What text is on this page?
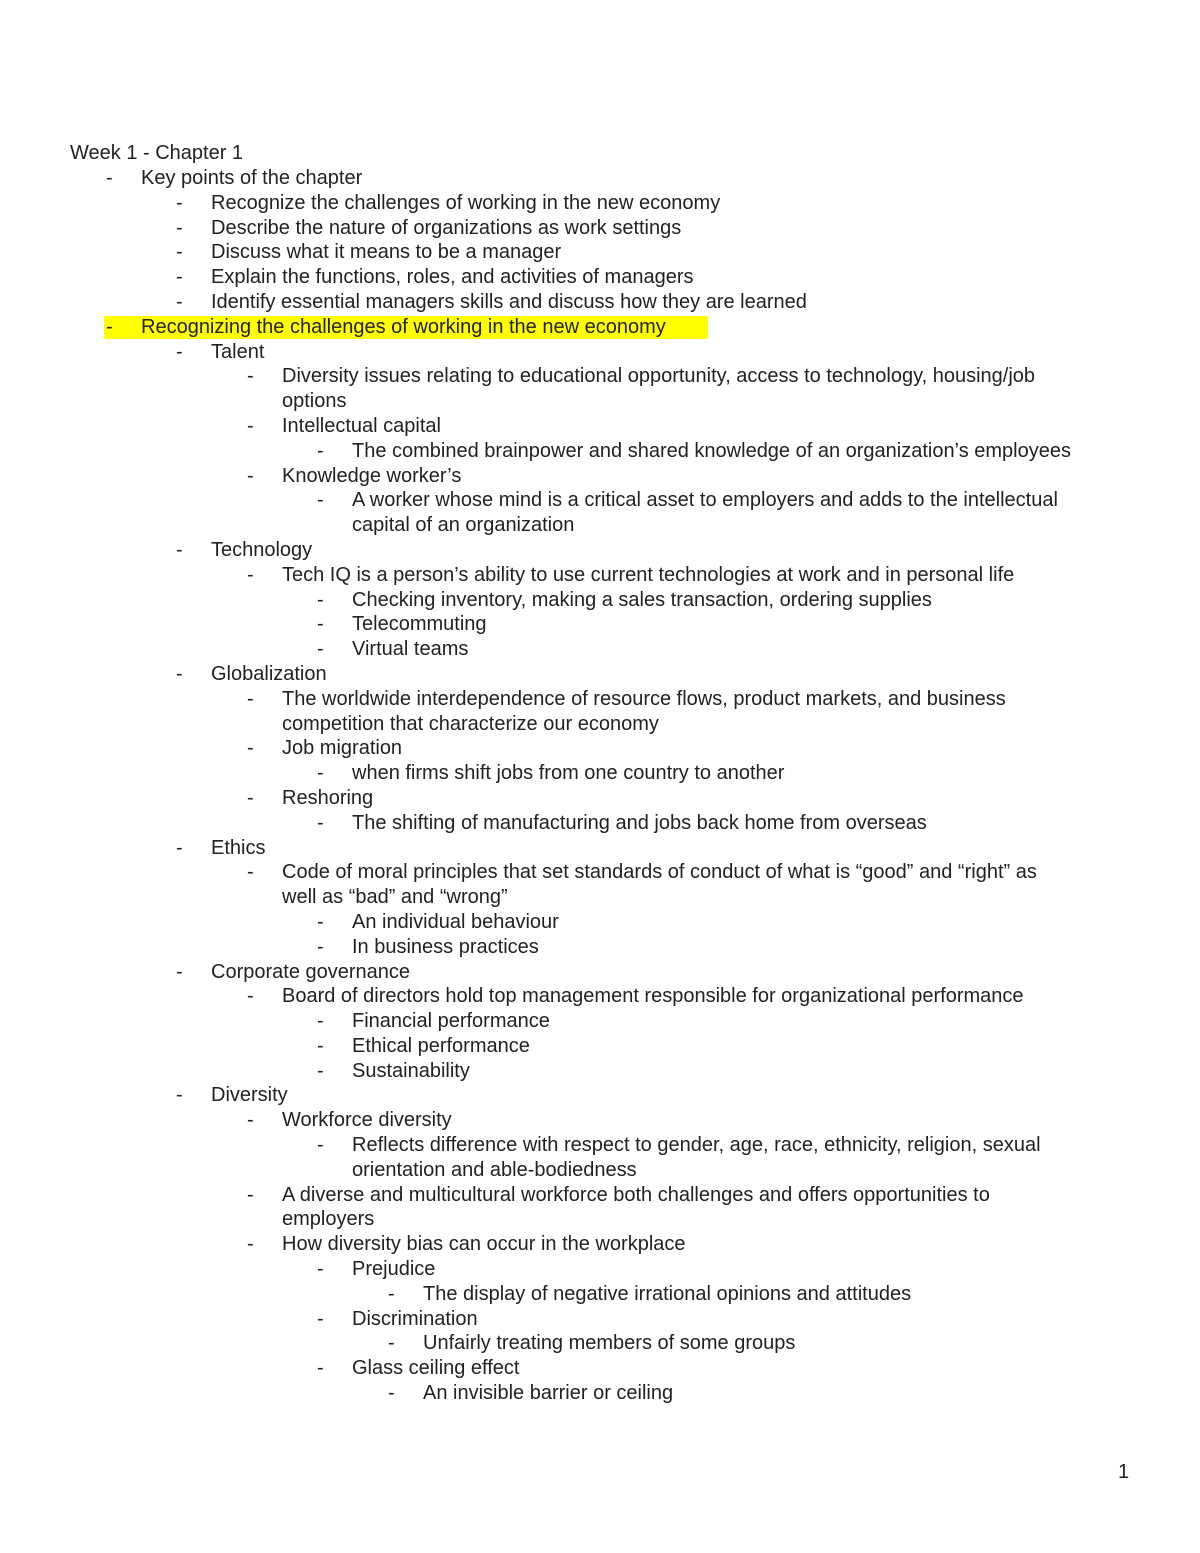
Week 1 - Chapter 1
- Key points of the chapter
- Recognize the challenges of working in the new economy
- Describe the nature of organizations as work settings
- Discuss what it means to be a manager
- Explain the functions, roles, and activities of managers
- Identify essential managers skills and discuss how they are learned
- Recognizing the challenges of working in the new economy
- Talent
- Diversity issues relating to educational opportunity, access to technology, housing/job
options
- Intellectual capital
- The combined brainpower and shared knowledge of an organization’s employees
- Knowledge worker’s
- A worker whose mind is a critical asset to employers and adds to the intellectual
capital of an organization
- Technology
- Tech IQ is a person’s ability to use current technologies at work and in personal life
- Checking inventory, making a sales transaction, ordering supplies
- Telecommuting
- Virtual teams
- Globalization
- The worldwide interdependence of resource flows, product markets, and business
competition that characterize our economy
- Job migration
- when firms shift jobs from one country to another
- Reshoring
- The shifting of manufacturing and jobs back home from overseas
- Ethics
- Code of moral principles that set standards of conduct of what is “good” and “right” as
well as “bad” and “wrong”
- An individual behaviour
- In business practices
- Corporate governance
- Board of directors hold top management responsible for organizational performance
- Financial performance
- Ethical performance
- Sustainability
- Diversity
- Workforce diversity
- Reflects difference with respect to gender, age, race, ethnicity, religion, sexual
orientation and able-bodiedness
- A diverse and multicultural workforce both challenges and offers opportunities to
employers
- How diversity bias can occur in the workplace
- Prejudice
- The display of negative irrational opinions and attitudes
- Discrimination
- Unfairly treating members of some groups
- Glass ceiling effect
- An invisible barrier or ceiling
1
